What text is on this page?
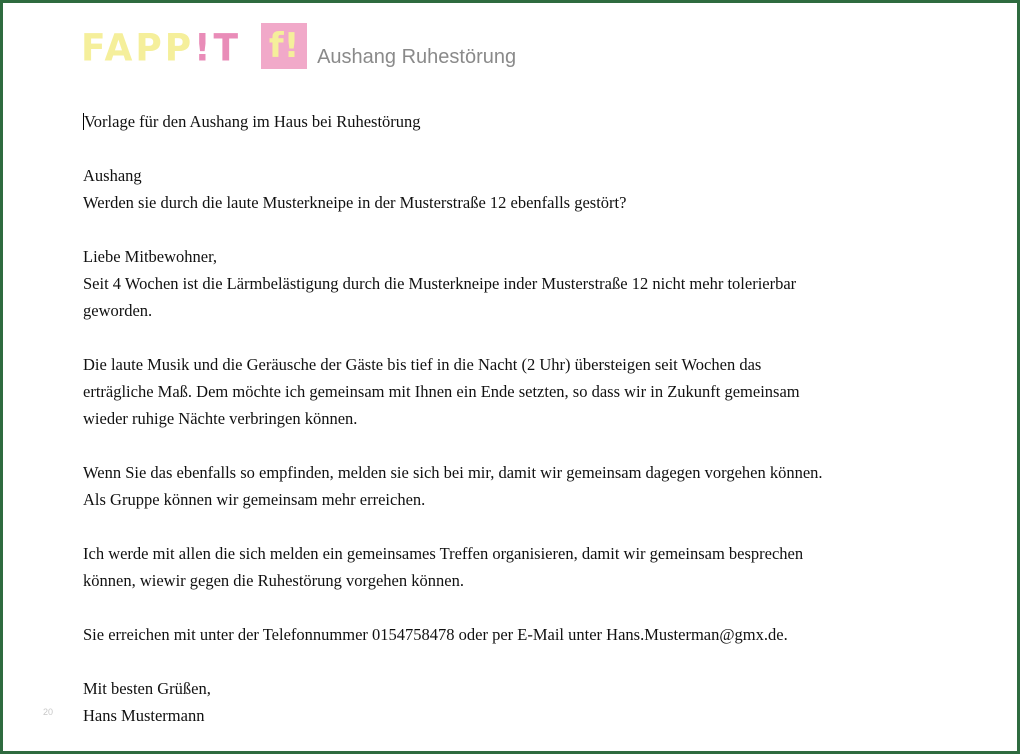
FAPP!T f! Aushang Ruhestörung

Vorlage für den Aushang im Haus bei Ruhestörung

Aushang
Werden sie durch die laute Musterkneipe in der Musterstraße 12 ebenfalls gestört?

Liebe Mitbewohner,
Seit 4 Wochen ist die Lärmbelästigung durch die Musterkneipe inder Musterstraße 12 nicht mehr tolerierbar
geworden.

Die laute Musik und die Geräusche der Gäste bis tief in die Nacht (2 Uhr) übersteigen seit Wochen das
erträgliche Maß. Dem möchte ich gemeinsam mit Ihnen ein Ende setzten, so dass wir in Zukunft gemeinsam
wieder ruhige Nächte verbringen können.

Wenn Sie das ebenfalls so empfinden, melden sie sich bei mir, damit wir gemeinsam dagegen vorgehen können.
Als Gruppe können wir gemeinsam mehr erreichen.

Ich werde mit allen die sich melden ein gemeinsames Treffen organisieren, damit wir gemeinsam besprechen
können, wiewir gegen die Ruhestörung vorgehen können.

Sie erreichen mit unter der Telefonnummer 0154758478 oder per E-Mail unter Hans.Musterman@gmx.de.

Mit besten Grüßen,
Hans Mustermann

20
